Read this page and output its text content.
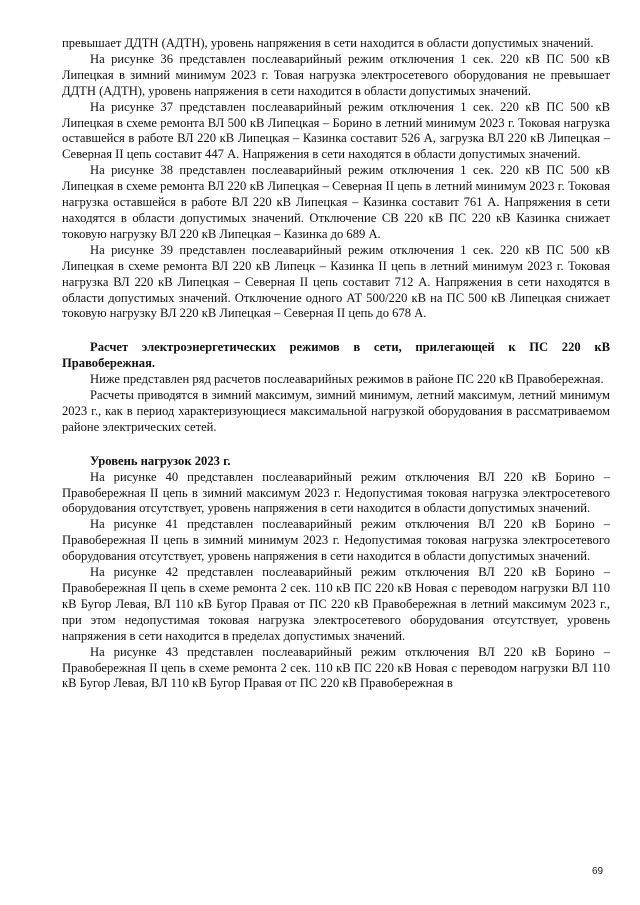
превышает ДДТН (АДТН), уровень напряжения в сети находится в области допустимых значений.

На рисунке 36 представлен послеаварийный режим отключения 1 сек. 220 кВ ПС 500 кВ Липецкая в зимний минимум 2023 г. Товая нагрузка электросетевого оборудования не превышает ДДТН (АДТН), уровень напряжения в сети находится в области допустимых значений.

На рисунке 37 представлен послеаварийный режим отключения 1 сек. 220 кВ ПС 500 кВ Липецкая в схеме ремонта ВЛ 500 кВ Липецкая – Борино в летний минимум 2023 г. Токовая нагрузка оставшейся в работе ВЛ 220 кВ Липецкая – Казинка составит 526 А, загрузка ВЛ 220 кВ Липецкая – Северная II цепь составит 447 А. Напряжения в сети находятся в области допустимых значений.

На рисунке 38 представлен послеаварийный режим отключения 1 сек. 220 кВ ПС 500 кВ Липецкая в схеме ремонта ВЛ 220 кВ Липецкая – Северная II цепь в летний минимум 2023 г. Токовая нагрузка оставшейся в работе ВЛ 220 кВ Липецкая – Казинка составит 761 А. Напряжения в сети находятся в области допустимых значений. Отключение СВ 220 кВ ПС 220 кВ Казинка снижает токовую нагрузку ВЛ 220 кВ Липецкая – Казинка до 689 А.

На рисунке 39 представлен послеаварийный режим отключения 1 сек. 220 кВ ПС 500 кВ Липецкая в схеме ремонта ВЛ 220 кВ Липецк – Казинка II цепь в летний минимум 2023 г. Токовая нагрузка ВЛ 220 кВ Липецкая – Северная II цепь составит 712 А. Напряжения в сети находятся в области допустимых значений. Отключение одного АТ 500/220 кВ на ПС 500 кВ Липецкая снижает токовую нагрузку ВЛ 220 кВ Липецкая – Северная II цепь до 678 А.

Расчет электроэнергетических режимов в сети, прилегающей к ПС 220 кВ Правобережная.

Ниже представлен ряд расчетов послеаварийных режимов в районе ПС 220 кВ Правобережная.

Расчеты приводятся в зимний максимум, зимний минимум, летний максимум, летний минимум 2023 г., как в период характеризующиеся максимальной нагрузкой оборудования в рассматриваемом районе электрических сетей.

Уровень нагрузок 2023 г.

На рисунке 40 представлен послеаварийный режим отключения ВЛ 220 кВ Борино – Правобережная II цепь в зимний максимум 2023 г. Недопустимая токовая нагрузка электросетевого оборудования отсутствует, уровень напряжения в сети находится в области допустимых значений.

На рисунке 41 представлен послеаварийный режим отключения ВЛ 220 кВ Борино – Правобережная II цепь в зимний минимум 2023 г. Недопустимая токовая нагрузка электросетевого оборудования отсутствует, уровень напряжения в сети находится в области допустимых значений.

На рисунке 42 представлен послеаварийный режим отключения ВЛ 220 кВ Борино – Правобережная II цепь в схеме ремонта 2 сек. 110 кВ ПС 220 кВ Новая с переводом нагрузки ВЛ 110 кВ Бугор Левая, ВЛ 110 кВ Бугор Правая от ПС 220 кВ Правобережная в летний максимум 2023 г., при этом недопустимая токовая нагрузка электросетевого оборудования отсутствует, уровень напряжения в сети находится в пределах допустимых значений.

На рисунке 43 представлен послеаварийный режим отключения ВЛ 220 кВ Борино – Правобережная II цепь в схеме ремонта 2 сек. 110 кВ ПС 220 кВ Новая с переводом нагрузки ВЛ 110 кВ Бугор Левая, ВЛ 110 кВ Бугор Правая от ПС 220 кВ Правобережная в

69
